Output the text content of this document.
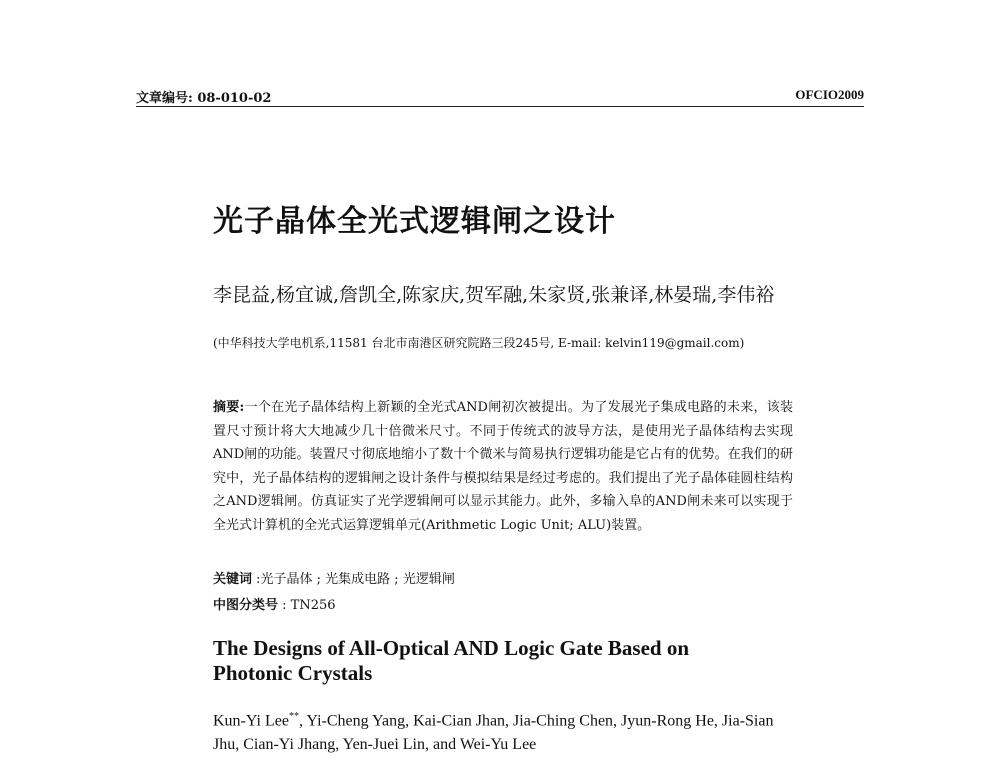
文章编号: 08-010-02	OFCIO2009
光子晶体全光式逻辑闸之设计
李昆益,杨宜诚,詹凯全,陈家庆,贺军融,朱家贤,张兼译,林晏瑞,李伟裕
(中华科技大学电机系,11581 台北市南港区研究院路三段245号, E-mail: kelvin119@gmail.com)
摘要:一个在光子晶体结构上新颖的全光式AND闸初次被提出。为了发展光子集成电路的未来，该装置尺寸预计将大大地减少几十倍微米尺寸。不同于传统式的波导方法，是使用光子晶体结构去实现AND闸的功能。装置尺寸彻底地缩小了数十个微米与简易执行逻辑功能是它占有的优势。在我们的研究中，光子晶体结构的逻辑闸之设计条件与模拟结果是经过考虑的。我们提出了光子晶体硅圆柱结构之AND逻辑闸。仿真证实了光学逻辑闸可以显示其能力。此外，多输入阜的AND闸未来可以实现于全光式计算机的全光式运算逻辑单元(Arithmetic Logic Unit; ALU)装置。
关键词 :光子晶体 ; 光集成电路 ; 光逻辑闸
中图分类号 : TN256
The Designs of All-Optical AND Logic Gate Based on Photonic Crystals
Kun-Yi Lee**, Yi-Cheng Yang, Kai-Cian Jhan, Jia-Ching Chen, Jyun-Rong He, Jia-Sian Jhu, Cian-Yi Jhang, Yen-Juei Lin, and Wei-Yu Lee
